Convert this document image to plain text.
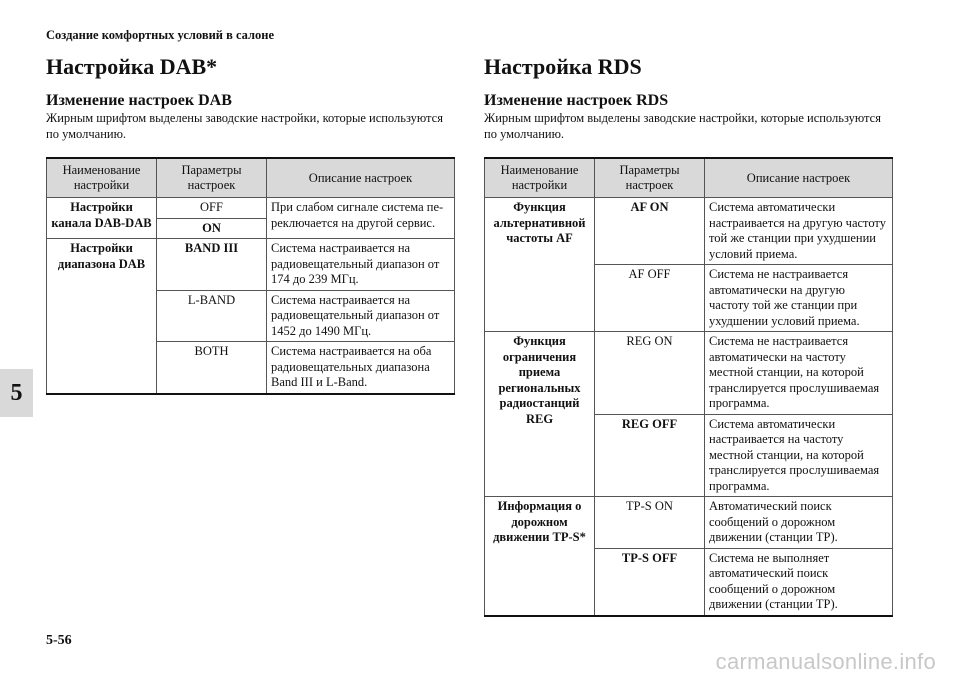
Создание комфортных условий в салоне
5
Настройка DAB*
Изменение настроек DAB

Жирным шрифтом выделены заводские настройки, которые используются по умолчанию.

Наименование настройки	Параметры настроек	Описание настроек
Настройки канала DAB-DAB	OFF	При слабом сигнале система пе-реключается на другой сервис.
	ON	
Настройки диапазона DAB	BAND III	Система настраивается на радиовещательный диапазон от 174 до 239 МГц.
	L-BAND	Система настраивается на радиовещательный диапазон от 1452 до 1490 МГц.
	BOTH	Система настраивается на оба радиовещательных диапазона Band III и L-Band.
Настройка RDS
Изменение настроек RDS

Жирным шрифтом выделены заводские настройки, которые используются по умолчанию.

Наименование настройки	Параметры настроек	Описание настроек
Функция альтернативной частоты AF	AF ON	Система автоматически настраивается на другую частоту той же станции при ухудшении условий приема.
	AF OFF	Система не настраивается автоматически на другую частоту той же станции при ухудшении условий приема.
Функция ограничения приема региональных радиостанций REG	REG ON	Система не настраивается автоматически на частоту местной станции, на которой транслируется прослушиваемая программа.
	REG OFF	Система автоматически настраивается на частоту местной станции, на которой транслируется прослушиваемая программа.
Информация о дорожном движении TP-S*	TP-S ON	Автоматический поиск сообщений о дорожном движении (станции TP).
	TP-S OFF	Система не выполняет автоматический поиск сообщений о дорожном движении (станции TP).
5-56
carmanualsonline.info
